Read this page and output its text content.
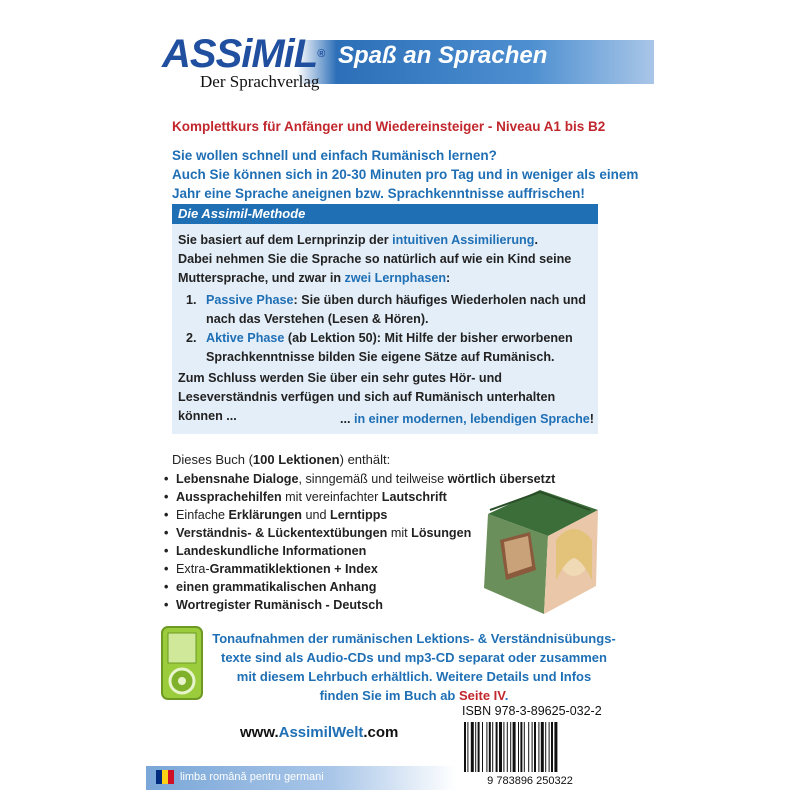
ASSiMiL®
Der Sprachverlag
Spaß an Sprachen
Komplettkurs für Anfänger und Wiedereinsteiger - Niveau A1 bis B2
Sie wollen schnell und einfach Rumänisch lernen?
Auch Sie können sich in 20-30 Minuten pro Tag und in weniger als einem
Jahr eine Sprache aneignen bzw. Sprachkenntnisse auffrischen!
Die Assimil-Methode
Sie basiert auf dem Lernprinzip der intuitiven Assimilierung.
Dabei nehmen Sie die Sprache so natürlich auf wie ein Kind seine
Muttersprache, und zwar in zwei Lernphasen:
1. Passive Phase: Sie üben durch häufiges Wiederholen nach und nach das Verstehen (Lesen & Hören).
2. Aktive Phase (ab Lektion 50): Mit Hilfe der bisher erworbenen Sprachkenntnisse bilden Sie eigene Sätze auf Rumänisch.
Zum Schluss werden Sie über ein sehr gutes Hör- und Leseverständnis verfügen und sich auf Rumänisch unterhalten können ...	... in einer modernen, lebendigen Sprache!
Dieses Buch (100 Lektionen) enthält:
• Lebensnahe Dialoge, sinngemäß und teilweise wörtlich übersetzt
• Aussprachehilfen mit vereinfachter Lautschrift
• Einfache Erklärungen und Lerntipps
• Verständnis- & Lückentextübungen mit Lösungen
• Landeskundliche Informationen
• Extra-Grammatiklektionen + Index
• einen grammatikalischen Anhang
• Wortregister Rumänisch - Deutsch
Tonaufnahmen der rumänischen Lektions- & Verständnisübungs-
texte sind als Audio-CDs und mp3-CD separat oder zusammen
mit diesem Lehrbuch erhältlich. Weitere Details und Infos
finden Sie im Buch ab Seite IV.
ISBN 978-3-89625-032-2
9 783896 250322
www.AssimilWelt.com
limba română pentru germani
